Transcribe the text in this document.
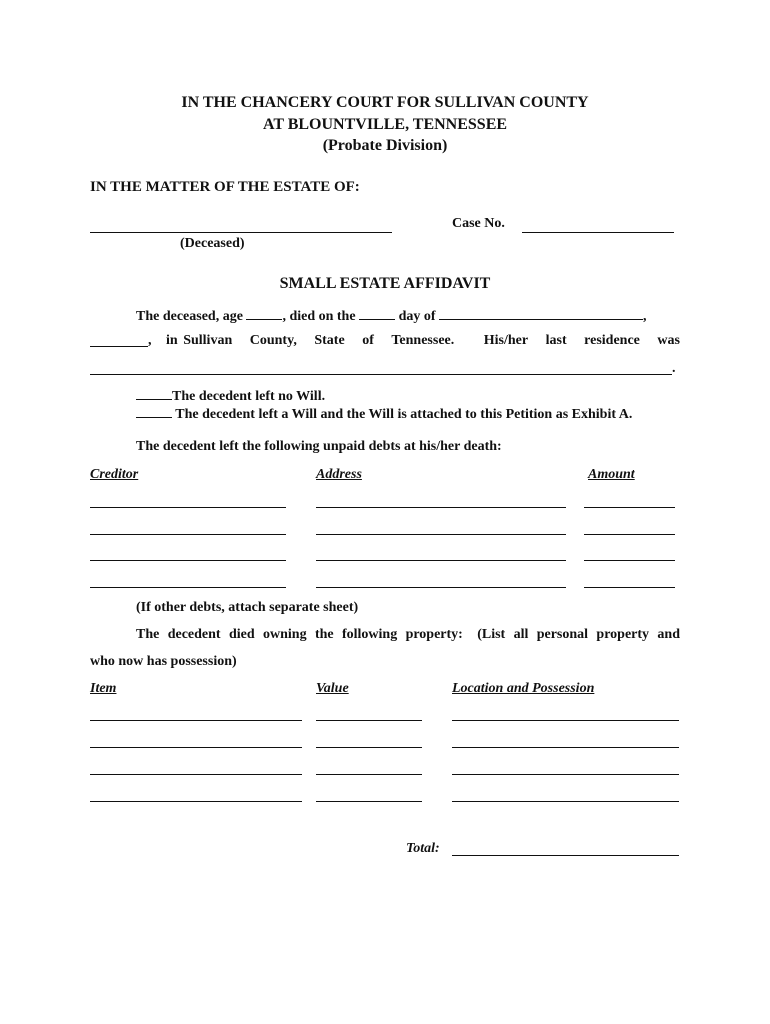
IN THE CHANCERY COURT FOR SULLIVAN COUNTY
AT BLOUNTVILLE, TENNESSEE
(Probate Division)
IN THE MATTER OF THE ESTATE OF:
(Deceased)
Case No.
SMALL ESTATE AFFIDAVIT
The deceased, age	, died on the	day of	,
, in Sullivan County, State of Tennessee. His/her last residence was
.
The decedent left no Will.
The decedent left a Will and the Will is attached to this Petition as Exhibit A.
The decedent left the following unpaid debts at his/her death:
Creditor	Address	Amount
(If other debts, attach separate sheet)
The decedent died owning the following property: (List all personal property and
who now has possession)
Item	Value	Location and Possession
Total:
